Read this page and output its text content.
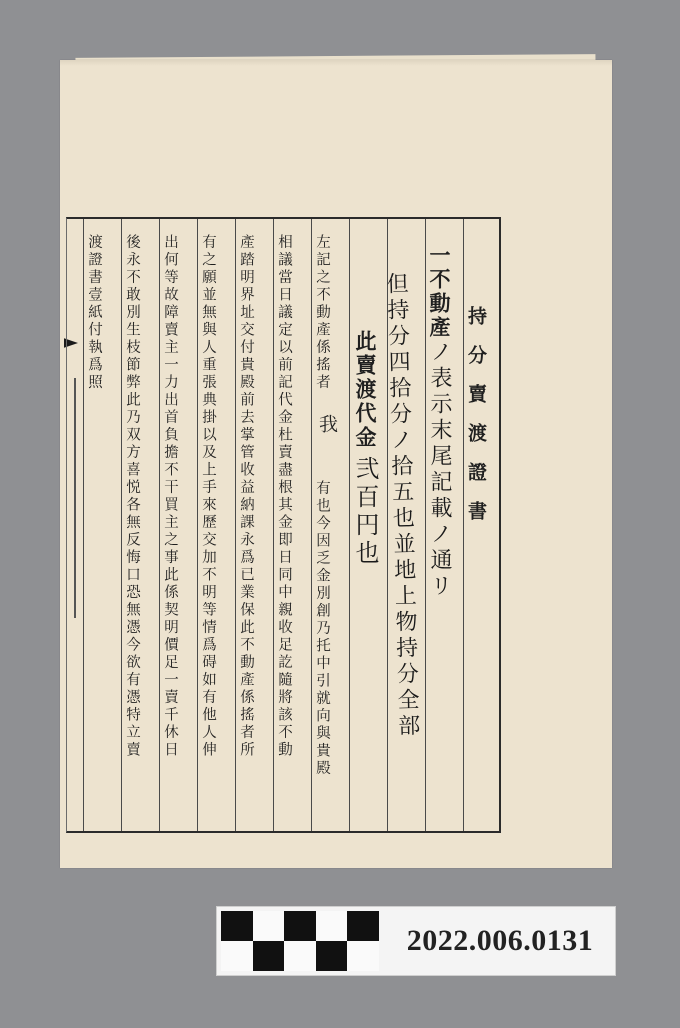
持分賣渡證書
一不動產ノ表示末尾記載ノ通リ
但持分四拾分ノ拾五也並地上物持分全部
此賣渡代金弐百円也
左記之不動產係搖者
我
有也今因乏金別創乃托中引就向與貴殿
相議當日議定以前記代金杜賣盡根其金即日同中親收足訖隨將該不動
產踏明界址交付貴殿前去掌管收益納課永爲已業保此不動產係搖者所
有之願並無與人重張典掛以及上手來歷交加不明等情爲碍如有他人伸
出何等故障賣主一力出首負擔不干買主之事此係契明價足一賣千休日
後永不敢別生枝節弊此乃双方喜悦各無反悔口恐無憑今欲有憑特立賣
渡證書壹紙付執爲照
2022.006.0131
